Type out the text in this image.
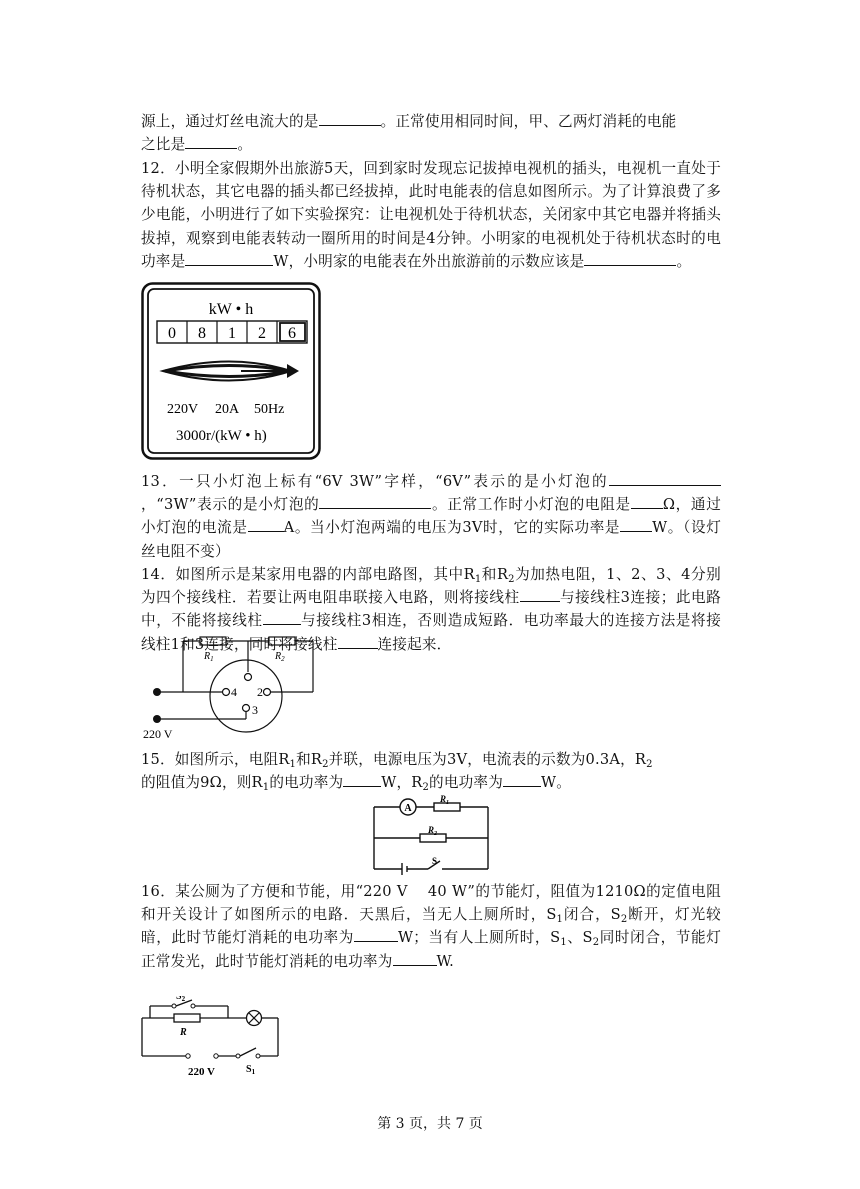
源上，通过灯丝电流大的是	。正常使用相同时间，甲、乙两灯消耗的电能
之比是	。
12．小明全家假期外出旅游5天，回到家时发现忘记拔掉电视机的插头，电视机一直处于待机状态，其它电器的插头都已经拔掉，此时电能表的信息如图所示。为了计算浪费了多少电能，小明进行了如下实验探究：让电视机处于待机状态，关闭家中其它电器并将插头拔掉，观察到电能表转动一圈所用的时间是4分钟。小明家的电视机处于待机状态时的电功率是	W，小明家的电能表在外出旅游前的示数应该是	。
kW • h
0 8 1 2 6
220V 20A 50Hz
3000r/(kW • h)
13．一只小灯泡上标有“6V 3W”字样，“6V”表示的是小灯泡的，“3W”表示的是小灯泡的	。正常工作时小灯泡的电阻是 Ω，通过小灯泡的电流是 A。当小灯泡两端的电压为3V时，它的实际功率是 W。（设灯丝电阻不变）
14．如图所示是某家用电器的内部电路图，其中$R_1$和$R_2$为加热电阻，1、2、3、4分别为四个接线柱．若要让两电阻串联接入电路，则将接线柱	与接线柱3连接；此电路中，不能将接线柱	与接线柱3相连，否则造成短路．电功率最大的连接方法是将接线柱1和3连接，同时将接线柱	连接起来．
$R_1$	$R_2$
4 2
3
220 V
15．如图所示，电阻$R_1$和$R_2$并联，电源电压为3V，电流表的示数为0.3A，$R_2$
的阻值为9Ω，则$R_1$的电功率为	W，$R_2$的电功率为	W。
A
$R_1$
$R_2$
S
16．某公厕为了方便和节能，用“220 V　 40 W”的节能灯，阻值为1210Ω的定值电阻和开关设计了如图所示的电路．天黑后，当无人上厕所时，$S_1$闭合，$S_2$断开，灯光较暗，此时节能灯消耗的电功率为	W；当有人上厕所时，$S_1$、$S_2$同时闭合，节能灯正常发光，此时节能灯消耗的电功率为	W.
$S_2$
R
220 V	$S_1$
第 3 页，共 7 页
